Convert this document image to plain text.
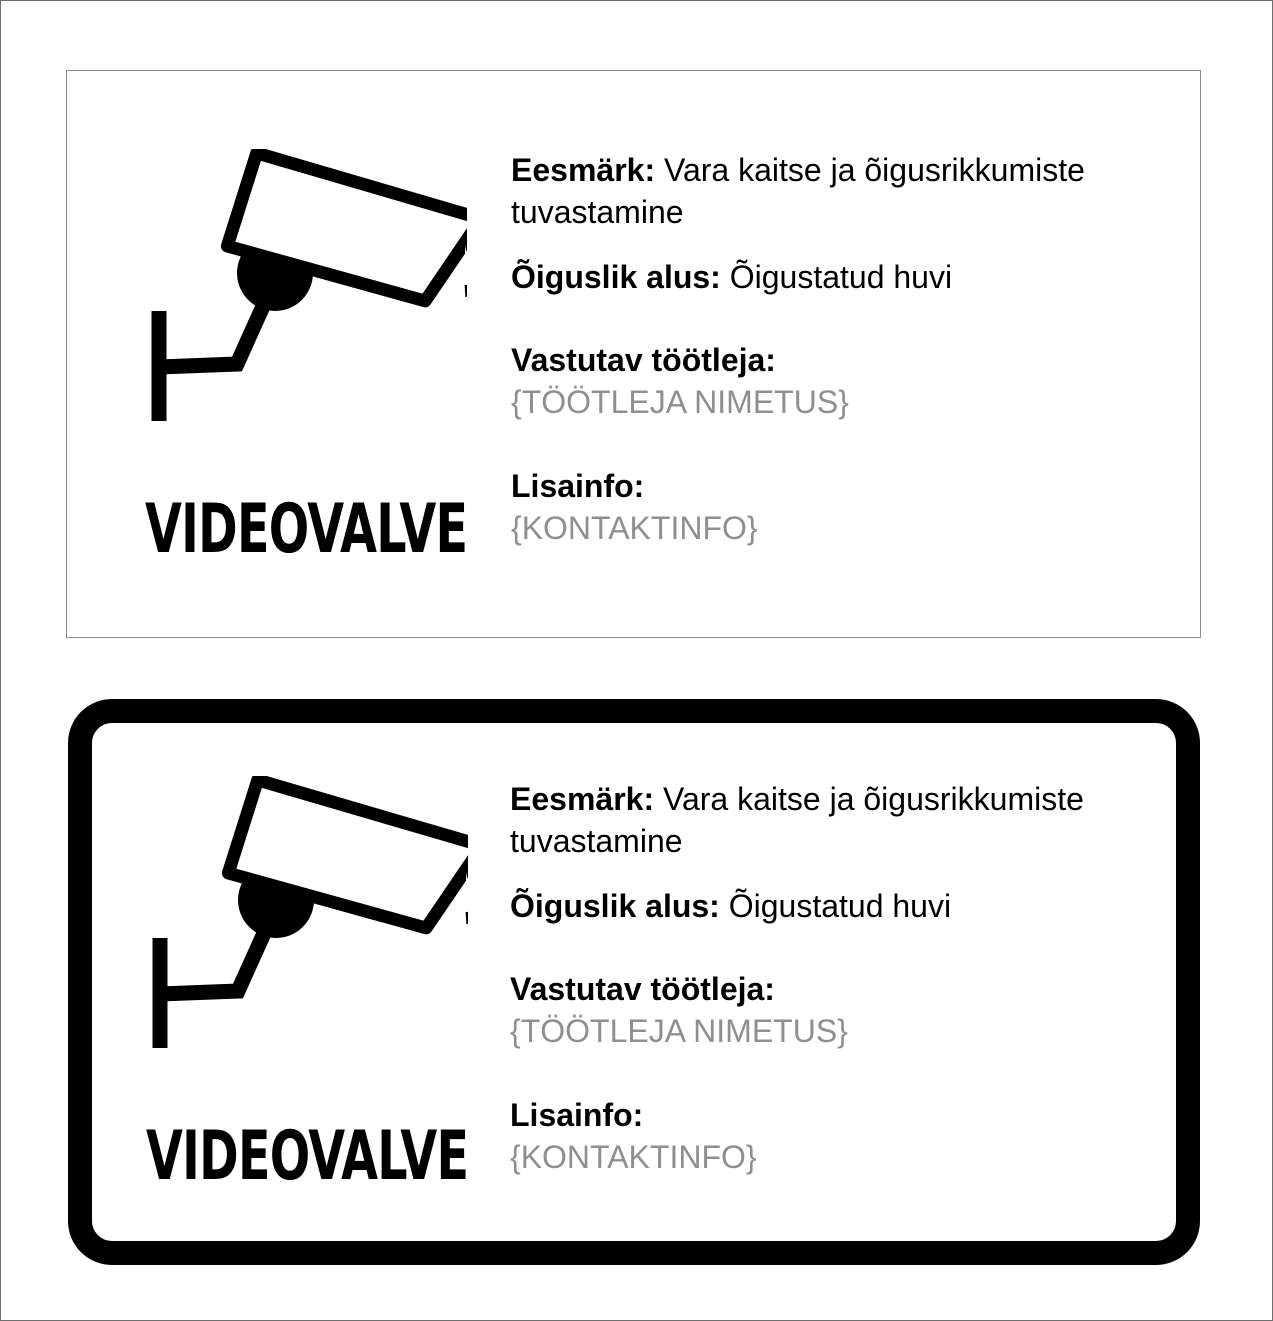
VIDEOVALVE
Eesmärk: Vara kaitse ja õigusrikkumiste tuvastamine
Õiguslik alus: Õigustatud huvi
Vastutav töötleja:
{TÖÖTLEJA NIMETUS}
Lisainfo:
{KONTAKTINFO}
VIDEOVALVE
Eesmärk: Vara kaitse ja õigusrikkumiste tuvastamine
Õiguslik alus: Õigustatud huvi
Vastutav töötleja:
{TÖÖTLEJA NIMETUS}
Lisainfo:
{KONTAKTINFO}
